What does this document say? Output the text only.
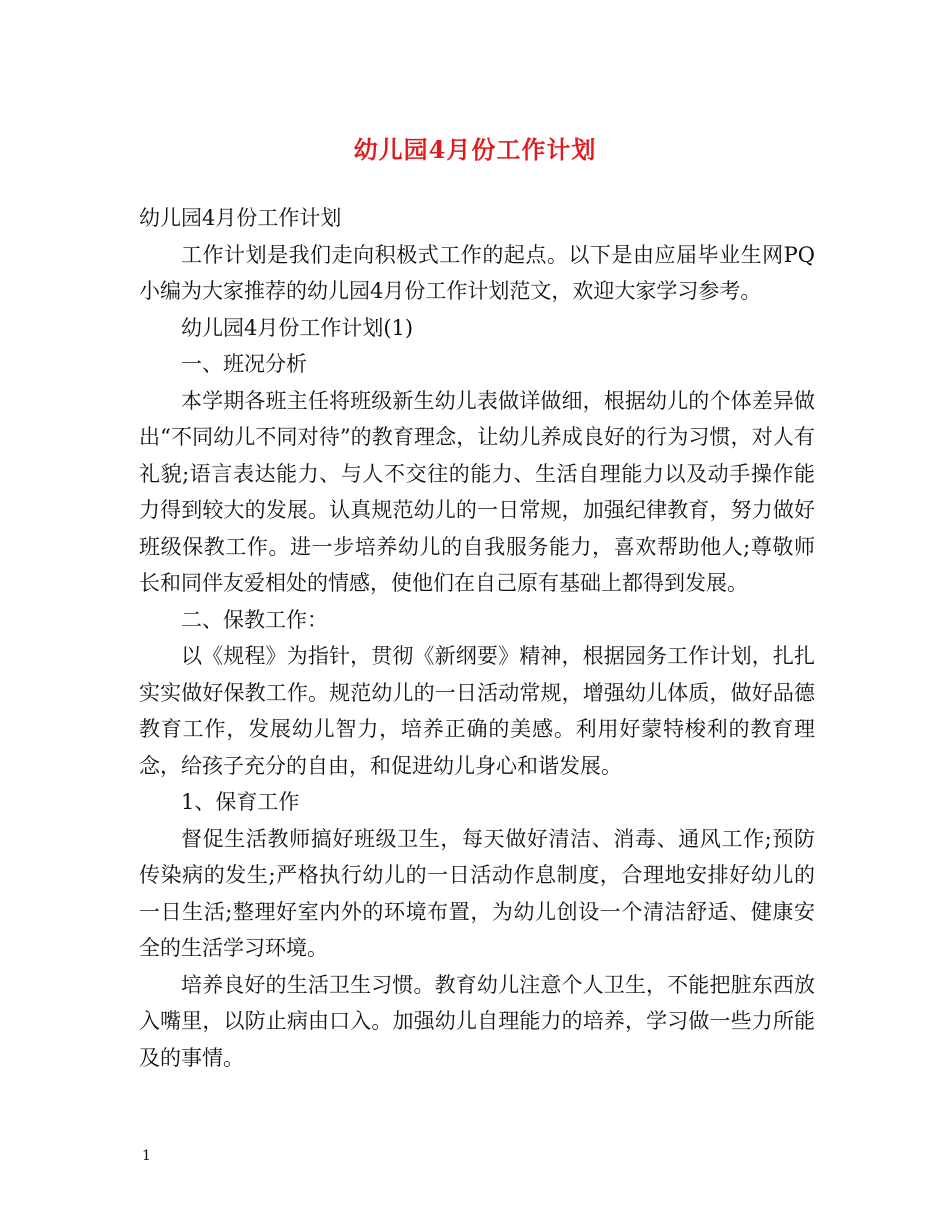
幼儿园4月份工作计划

幼儿园4月份工作计划

工作计划是我们走向积极式工作的起点。以下是由应届毕业生网PQ小编为大家推荐的幼儿园4月份工作计划范文，欢迎大家学习参考。

幼儿园4月份工作计划(1)

一、班况分析

本学期各班主任将班级新生幼儿表做详做细，根据幼儿的个体差异做出“不同幼儿不同对待”的教育理念，让幼儿养成良好的行为习惯，对人有礼貌;语言表达能力、与人不交往的能力、生活自理能力以及动手操作能力得到较大的发展。认真规范幼儿的一日常规，加强纪律教育，努力做好班级保教工作。进一步培养幼儿的自我服务能力，喜欢帮助他人;尊敬师长和同伴友爱相处的情感，使他们在自己原有基础上都得到发展。

二、保教工作：

以《规程》为指针，贯彻《新纲要》精神，根据园务工作计划，扎扎实实做好保教工作。规范幼儿的一日活动常规，增强幼儿体质，做好品德教育工作，发展幼儿智力，培养正确的美感。利用好蒙特梭利的教育理念，给孩子充分的自由，和促进幼儿身心和谐发展。

1、保育工作

督促生活教师搞好班级卫生，每天做好清洁、消毒、通风工作;预防传染病的发生;严格执行幼儿的一日活动作息制度，合理地安排好幼儿的一日生活;整理好室内外的环境布置，为幼儿创设一个清洁舒适、健康安全的生活学习环境。

培养良好的生活卫生习惯。教育幼儿注意个人卫生，不能把脏东西放入嘴里，以防止病由口入。加强幼儿自理能力的培养，学习做一些力所能及的事情。

1
